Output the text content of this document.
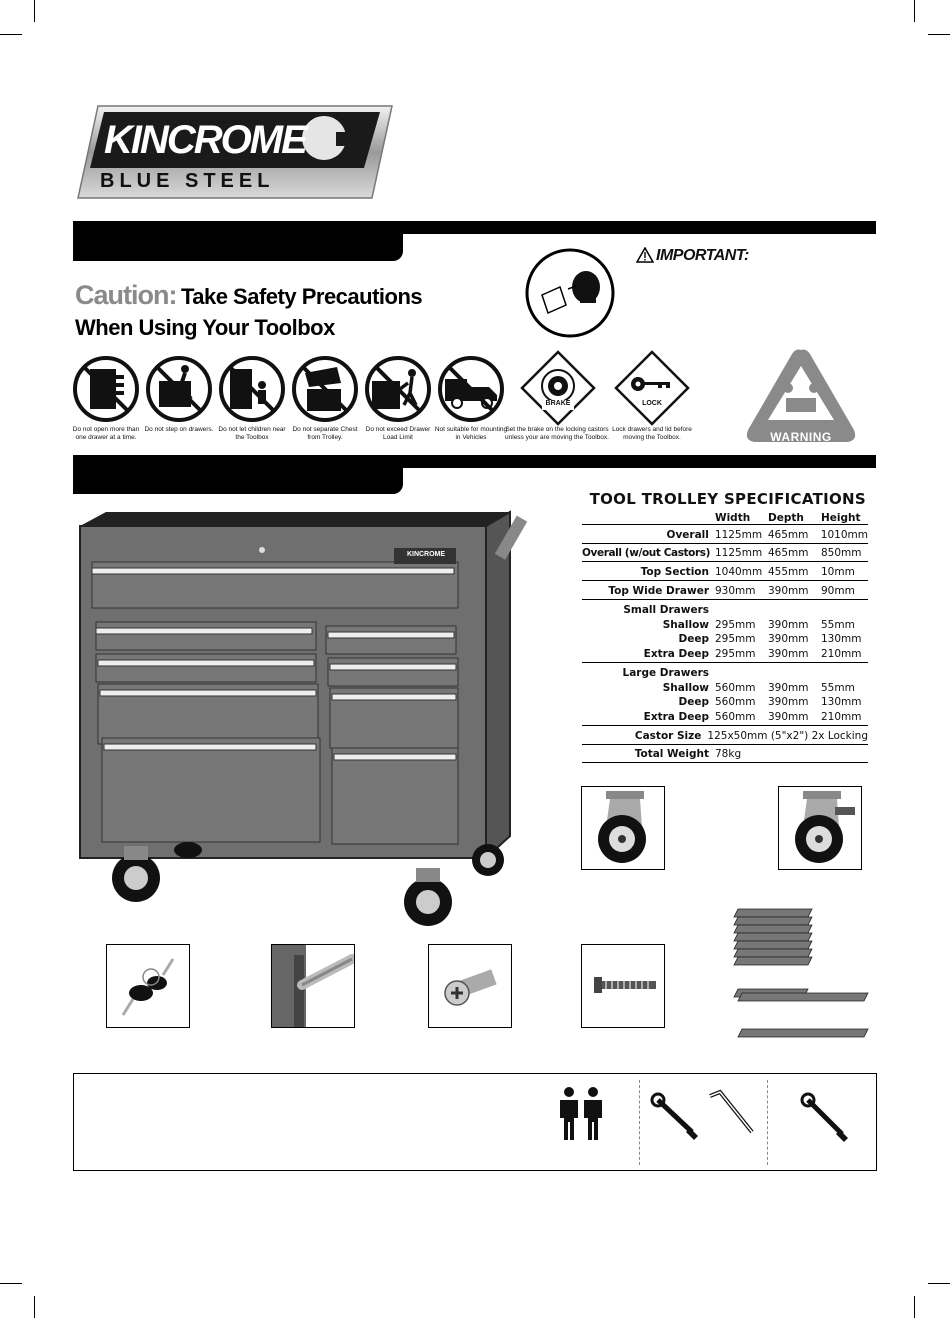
KINCROME
BLUE STEEL
Caution: Take Safety Precautions
When Using Your Toolbox
IMPORTANT:
BRAKE	LOCK
Do not open more than one drawer at a time.
Do not step on drawers. Do not let children near the Toolbox
Do not separate Chest from Trolley.
Do not exceed Drawer Load Limit
Not suitable for mounting in Vehicles
Set the brake on the locking castors unless your are moving the Toolbox.
Lock drawers and lid before moving the Toolbox.	WARNING
KINCROME
TOOL TROLLEY SPECIFICATIONS
Width	Depth	Height
Overall 1125mm 465mm	1010mm
Overall (w/out Castors) 1125mm 465mm	850mm
Top Section 1040mm 455mm	10mm
Top Wide Drawer 930mm	390mm	90mm
Small Drawers
Shallow 295mm	390mm	55mm
Deep 295mm	390mm	130mm
Extra Deep 295mm	390mm	210mm
Large Drawers
Shallow 560mm	390mm	55mm
Deep 560mm	390mm	130mm
Extra Deep 560mm	390mm	210mm
Castor Size 125x50mm (5"x2") 2x Locking
Total Weight 78kg
